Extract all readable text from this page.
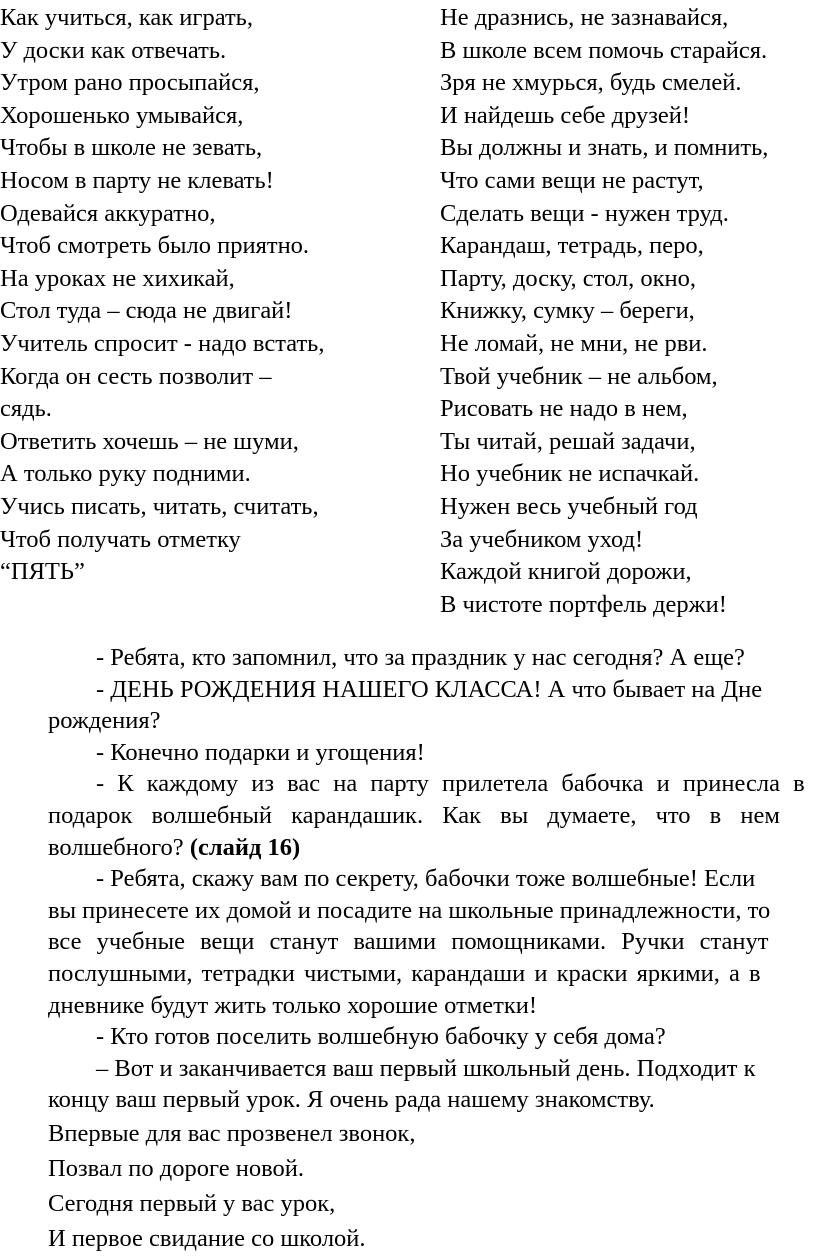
Как учиться, как играть,
У доски как отвечать.
Утром рано просыпайся,
Хорошенько умывайся,
Чтобы в школе не зевать,
Носом в парту не клевать!
Одевайся аккуратно,
Чтоб смотреть было приятно.
На уроках не хихикай,
Стол туда – сюда не двигай!
Учитель спросит - надо встать,
Когда он сесть позволит –
сядь.
Ответить хочешь – не шуми,
А только руку подними.
Учись писать, читать, считать,
Чтоб получать отметку
“ПЯТЬ”
Не дразнись, не зазнавайся,
В школе всем помочь старайся.
Зря не хмурься, будь смелей.
И найдешь себе друзей!
Вы должны и знать, и помнить,
Что сами вещи не растут,
Сделать вещи - нужен труд.
Карандаш, тетрадь, перо,
Парту, доску, стол, окно,
Книжку, сумку – береги,
Не ломай, не мни, не рви.
Твой учебник – не альбом,
Рисовать не надо в нем,
Ты читай, решай задачи,
Но учебник не испачкай.
Нужен весь учебный год
За учебником уход!
Каждой книгой дорожи,
В чистоте портфель держи!
- Ребята, кто запомнил, что за праздник у нас сегодня? А еще?
- ДЕНЬ РОЖДЕНИЯ НАШЕГО КЛАССА! А что бывает на Дне
рождения?
- Конечно подарки и угощения!
- К каждому из вас на парту прилетела бабочка и принесла в
подарок волшебный карандашик. Как вы думаете, что в нем
волшебного? (слайд 16)
- Ребята, скажу вам по секрету, бабочки тоже волшебные! Если
вы принесете их домой и посадите на школьные принадлежности, то
все учебные вещи станут вашими помощниками. Ручки станут
послушными, тетрадки чистыми, карандаши и краски яркими, а в
дневнике будут жить только хорошие отметки!
- Кто готов поселить волшебную бабочку у себя дома?
– Вот и заканчивается ваш первый школьный день. Подходит к
концу ваш первый урок. Я очень рада нашему знакомству.
Впервые для вас прозвенел звонок,
Позвал по дороге новой.
Сегодня первый у вас урок,
И первое свидание со школой.
